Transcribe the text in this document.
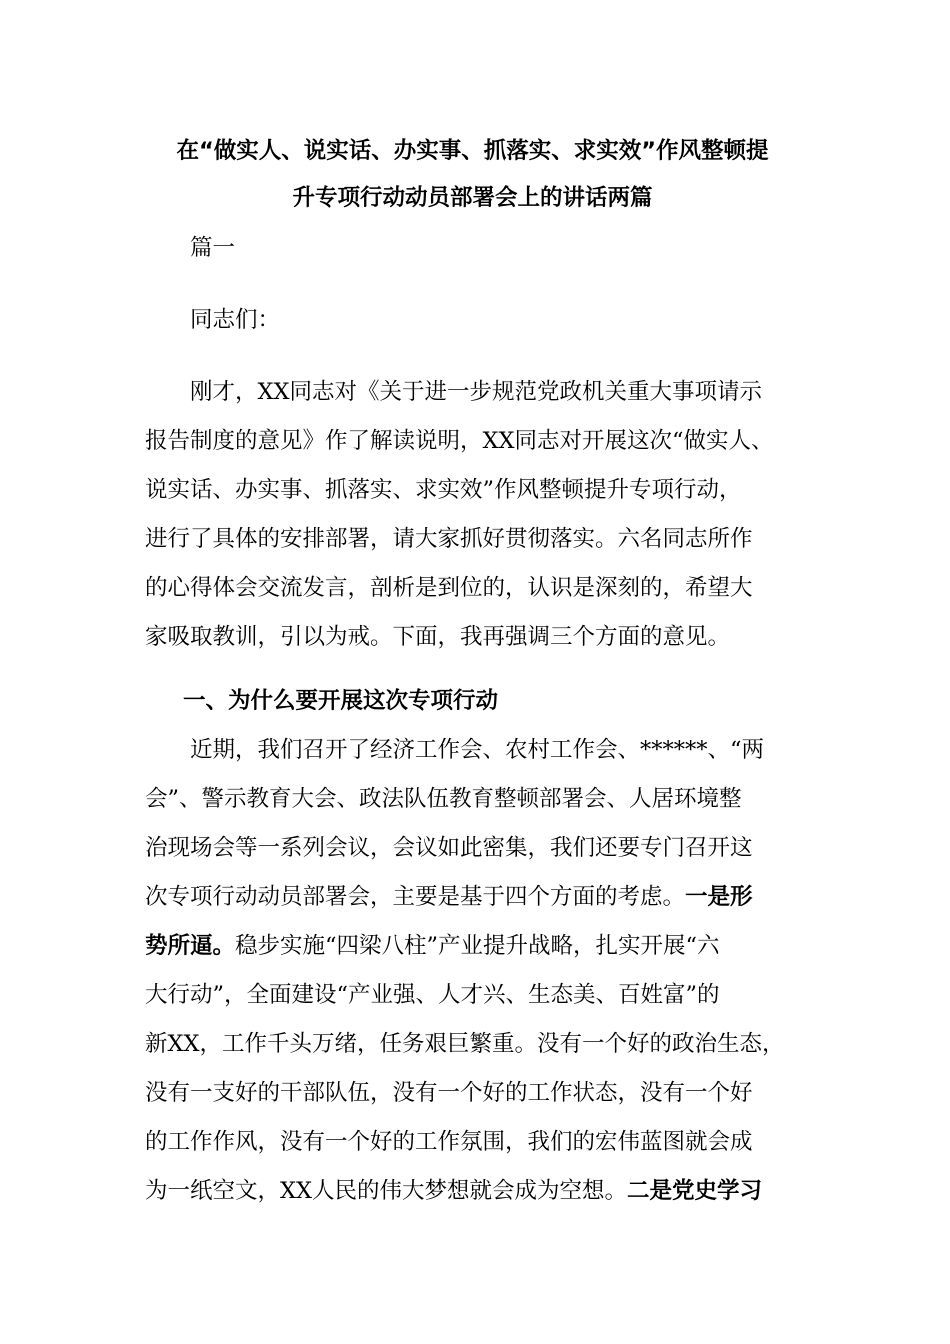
在“做实人、说实话、办实事、抓落实、求实效”作风整顿提
升专项行动动员部署会上的讲话两篇
篇一
同志们：
刚才，XX同志对《关于进一步规范党政机关重大事项请示
报告制度的意见》作了解读说明，XX同志对开展这次“做实人、
说实话、办实事、抓落实、求实效”作风整顿提升专项行动，
进行了具体的安排部署，请大家抓好贯彻落实。六名同志所作
的心得体会交流发言，剖析是到位的，认识是深刻的，希望大
家吸取教训，引以为戒。下面，我再强调三个方面的意见。
一、为什么要开展这次专项行动
近期，我们召开了经济工作会、农村工作会、******、“两
会”、警示教育大会、政法队伍教育整顿部署会、人居环境整
治现场会等一系列会议，会议如此密集，我们还要专门召开这
次专项行动动员部署会，主要是基于四个方面的考虑。一是形
势所逼。稳步实施“四梁八柱”产业提升战略，扎实开展“六
大行动”，全面建设“产业强、人才兴、生态美、百姓富”的
新XX，工作千头万绪，任务艰巨繁重。没有一个好的政治生态，
没有一支好的干部队伍，没有一个好的工作状态，没有一个好
的工作作风，没有一个好的工作氛围，我们的宏伟蓝图就会成
为一纸空文，XX人民的伟大梦想就会成为空想。二是党史学习
